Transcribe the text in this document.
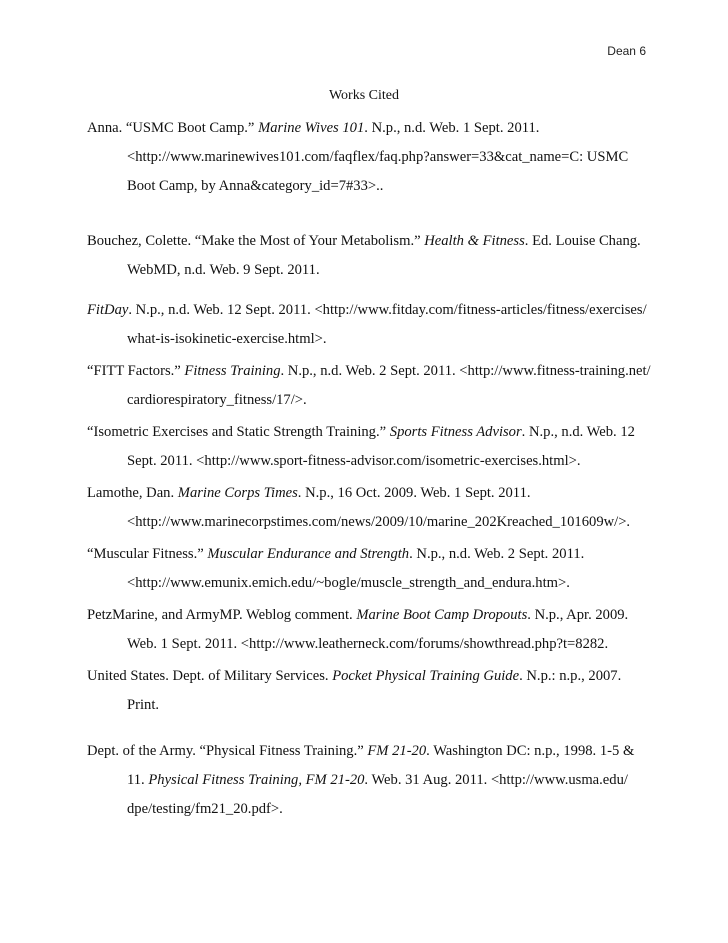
Dean 6
Works Cited
Anna. “USMC Boot Camp.” Marine Wives 101. N.p., n.d. Web. 1 Sept. 2011.
<http://www.marinewives101.com/faqflex/faq.php?answer=33&cat_name=C: USMC
Boot Camp, by Anna&category_id=7#33>..
Bouchez, Colette. “Make the Most of Your Metabolism.” Health & Fitness. Ed. Louise Chang.
WebMD, n.d. Web. 9 Sept. 2011.
FitDay. N.p., n.d. Web. 12 Sept. 2011. <http://www.fitday.com/fitness-articles/fitness/exercises/
what-is-isokinetic-exercise.html>.
“FITT Factors.” Fitness Training. N.p., n.d. Web. 2 Sept. 2011. <http://www.fitness-training.net/
cardiorespiratory_fitness/17/>.
“Isometric Exercises and Static Strength Training.” Sports Fitness Advisor. N.p., n.d. Web. 12
Sept. 2011. <http://www.sport-fitness-advisor.com/isometric-exercises.html>.
Lamothe, Dan. Marine Corps Times. N.p., 16 Oct. 2009. Web. 1 Sept. 2011.
<http://www.marinecorpstimes.com/news/2009/10/marine_202Kreached_101609w/>.
“Muscular Fitness.” Muscular Endurance and Strength. N.p., n.d. Web. 2 Sept. 2011.
<http://www.emunix.emich.edu/~bogle/muscle_strength_and_endura.htm>.
PetzMarine, and ArmyMP. Weblog comment. Marine Boot Camp Dropouts. N.p., Apr. 2009.
Web. 1 Sept. 2011. <http://www.leatherneck.com/forums/showthread.php?t=8282.
United States. Dept. of Military Services. Pocket Physical Training Guide. N.p.: n.p., 2007.
Print.
Dept. of the Army. “Physical Fitness Training.” FM 21-20. Washington DC: n.p., 1998. 1-5 &
11. Physical Fitness Training, FM 21-20. Web. 31 Aug. 2011. <http://www.usma.edu/
dpe/testing/fm21_20.pdf>.
